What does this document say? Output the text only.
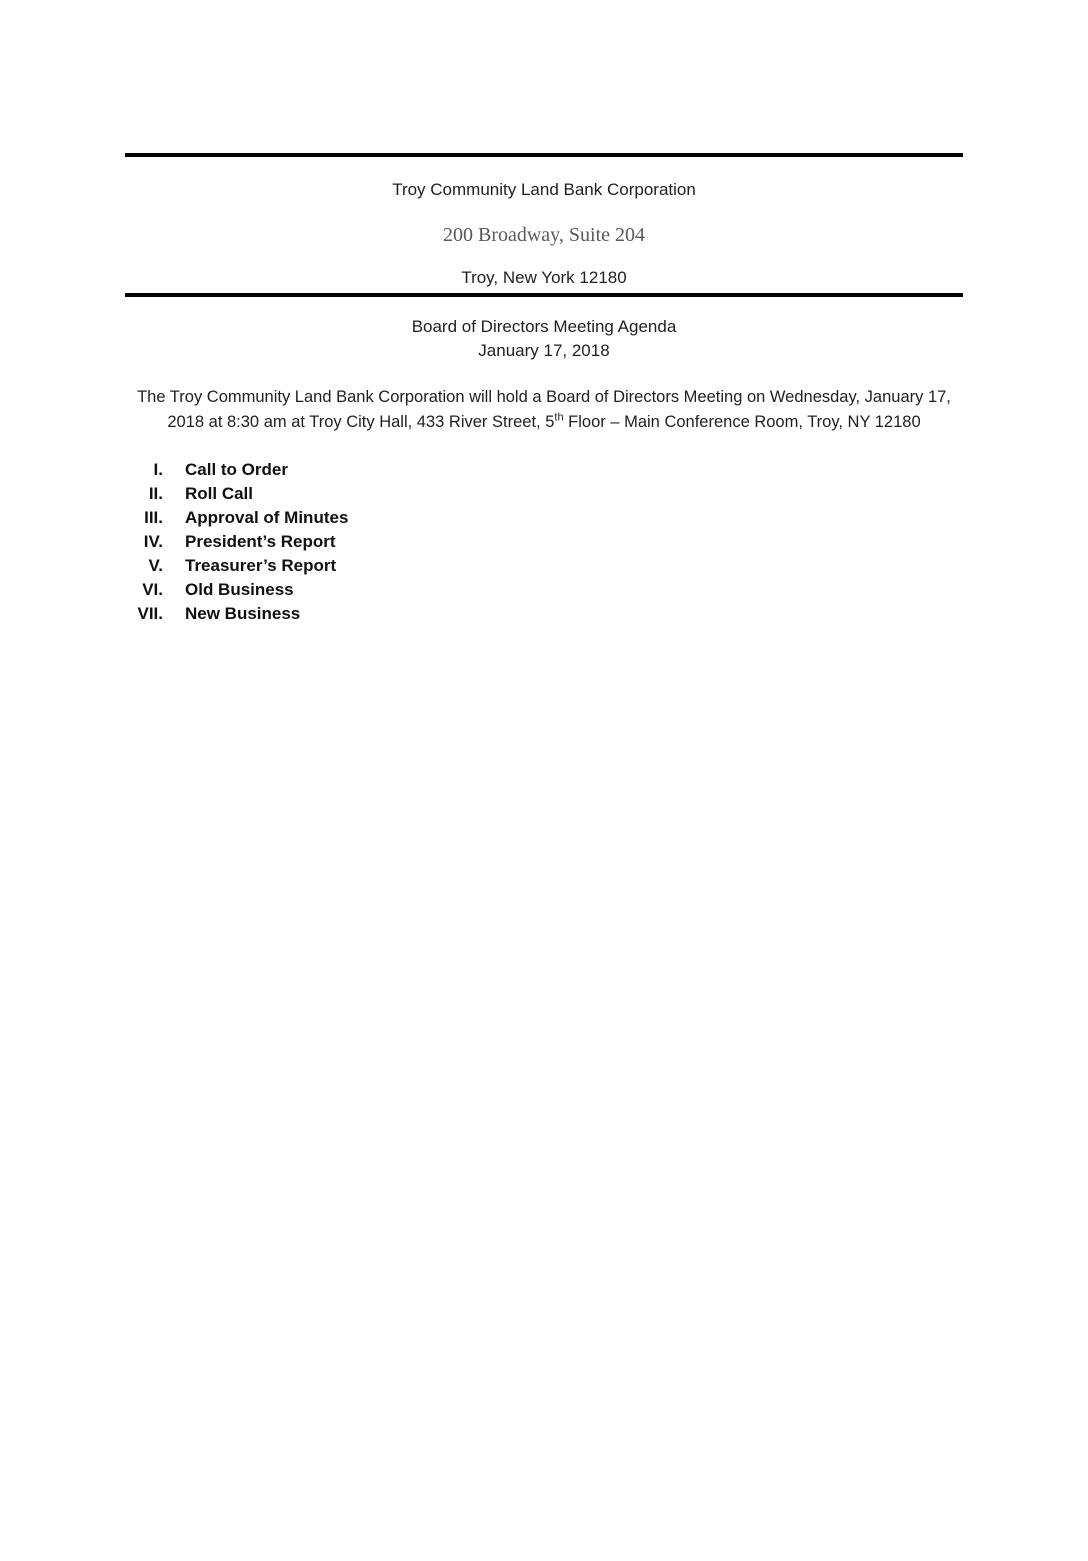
Troy Community Land Bank Corporation
200 Broadway, Suite 204
Troy, New York 12180
Board of Directors Meeting Agenda
January 17, 2018

The Troy Community Land Bank Corporation will hold a Board of Directors Meeting on Wednesday, January 17, 2018 at 8:30 am at Troy City Hall, 433 River Street, 5th Floor – Main Conference Room, Troy, NY 12180

I. Call to Order
II. Roll Call
III. Approval of Minutes
IV. President’s Report
V. Treasurer’s Report
VI. Old Business
VII. New Business
